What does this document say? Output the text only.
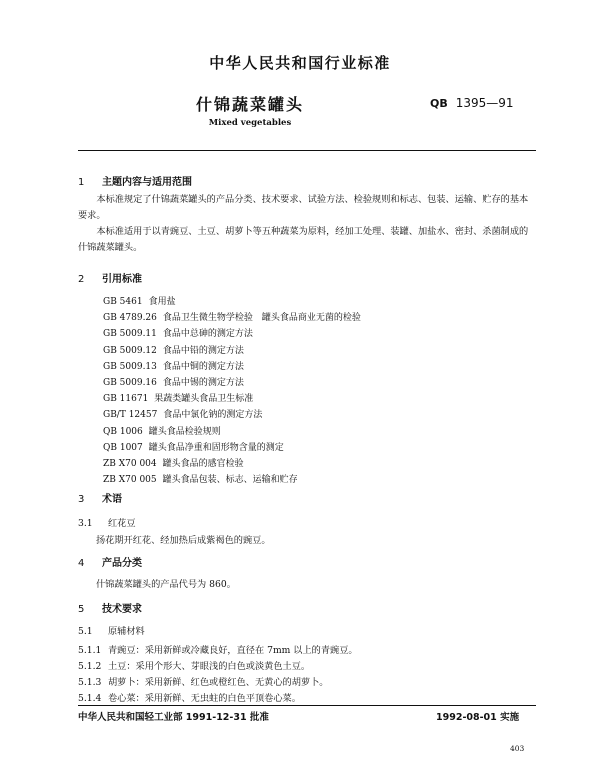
中华人民共和国行业标准
什锦蔬菜罐头	QB 1395—91
Mixed vegetables
1 主题内容与适用范围

本标准规定了什锦蔬菜罐头的产品分类、技术要求、试验方法、检验规则和标志、包装、运输、贮存的基本要求。

本标准适用于以青豌豆、土豆、胡萝卜等五种蔬菜为原料，经加工处理、装罐、加盐水、密封、杀菌制成的什锦蔬菜罐头。

2 引用标准
GB 5461 食用盐
GB 4789.26 食品卫生微生物学检验　罐头食品商业无菌的检验
GB 5009.11 食品中总砷的测定方法
GB 5009.12 食品中铅的测定方法
GB 5009.13 食品中铜的测定方法
GB 5009.16 食品中锡的测定方法
GB 11671 果蔬类罐头食品卫生标准
GB/T 12457 食品中氯化钠的测定方法
QB 1006 罐头食品检验规则
QB 1007 罐头食品净重和固形物含量的测定
ZB X70 004 罐头食品的感官检验
ZB X70 005 罐头食品包装、标志、运输和贮存
3 术语
3.1 红花豆
扬花期开红花、经加热后成紫褐色的豌豆。
4 产品分类
什锦蔬菜罐头的产品代号为 860。
5 技术要求
5.1 原辅材料
5.1.1 青豌豆：采用新鲜或冷藏良好，直径在 7mm 以上的青豌豆。
5.1.2 土豆：采用个形大、芽眼浅的白色或淡黄色土豆。
5.1.3 胡萝卜：采用新鲜、红色或橙红色、无黄心的胡萝卜。
5.1.4 卷心菜：采用新鲜、无虫蛀的白色平顶卷心菜。
中华人民共和国轻工业部 1991-12-31 批准	1992-08-01 实施
403
